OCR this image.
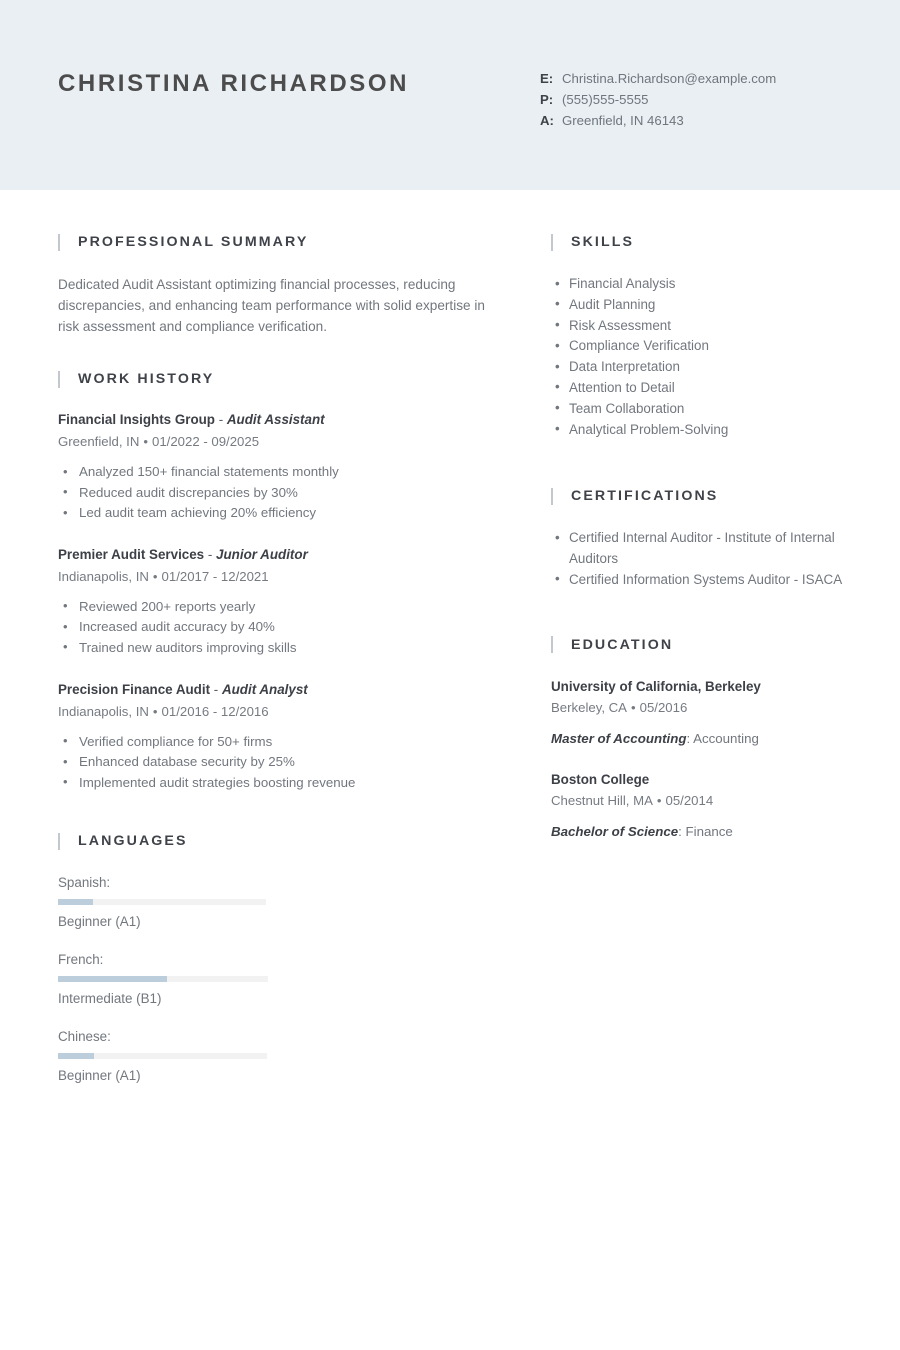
CHRISTINA RICHARDSON	E: Christina.Richardson@example.com
P: (555)555-5555
A: Greenfield, IN 46143
PROFESSIONAL SUMMARY
Dedicated Audit Assistant optimizing financial processes, reducing discrepancies, and enhancing team performance with solid expertise in risk assessment and compliance verification.
WORK HISTORY
Financial Insights Group - Audit Assistant
Greenfield, IN • 01/2022 - 09/2025
• Analyzed 150+ financial statements monthly
• Reduced audit discrepancies by 30%
• Led audit team achieving 20% efficiency
Premier Audit Services - Junior Auditor
Indianapolis, IN • 01/2017 - 12/2021
• Reviewed 200+ reports yearly
• Increased audit accuracy by 40%
• Trained new auditors improving skills
Precision Finance Audit - Audit Analyst
Indianapolis, IN • 01/2016 - 12/2016
• Verified compliance for 50+ firms
• Enhanced database security by 25%
• Implemented audit strategies boosting revenue
LANGUAGES
Spanish:
Beginner (A1)
French:
Intermediate (B1)
Chinese:
Beginner (A1)
SKILLS
• Financial Analysis
• Audit Planning
• Risk Assessment
• Compliance Verification
• Data Interpretation
• Attention to Detail
• Team Collaboration
• Analytical Problem-Solving
CERTIFICATIONS
• Certified Internal Auditor - Institute of Internal Auditors
• Certified Information Systems Auditor - ISACA
EDUCATION
University of California, Berkeley
Berkeley, CA • 05/2016
Master of Accounting: Accounting
Boston College
Chestnut Hill, MA • 05/2014
Bachelor of Science: Finance
